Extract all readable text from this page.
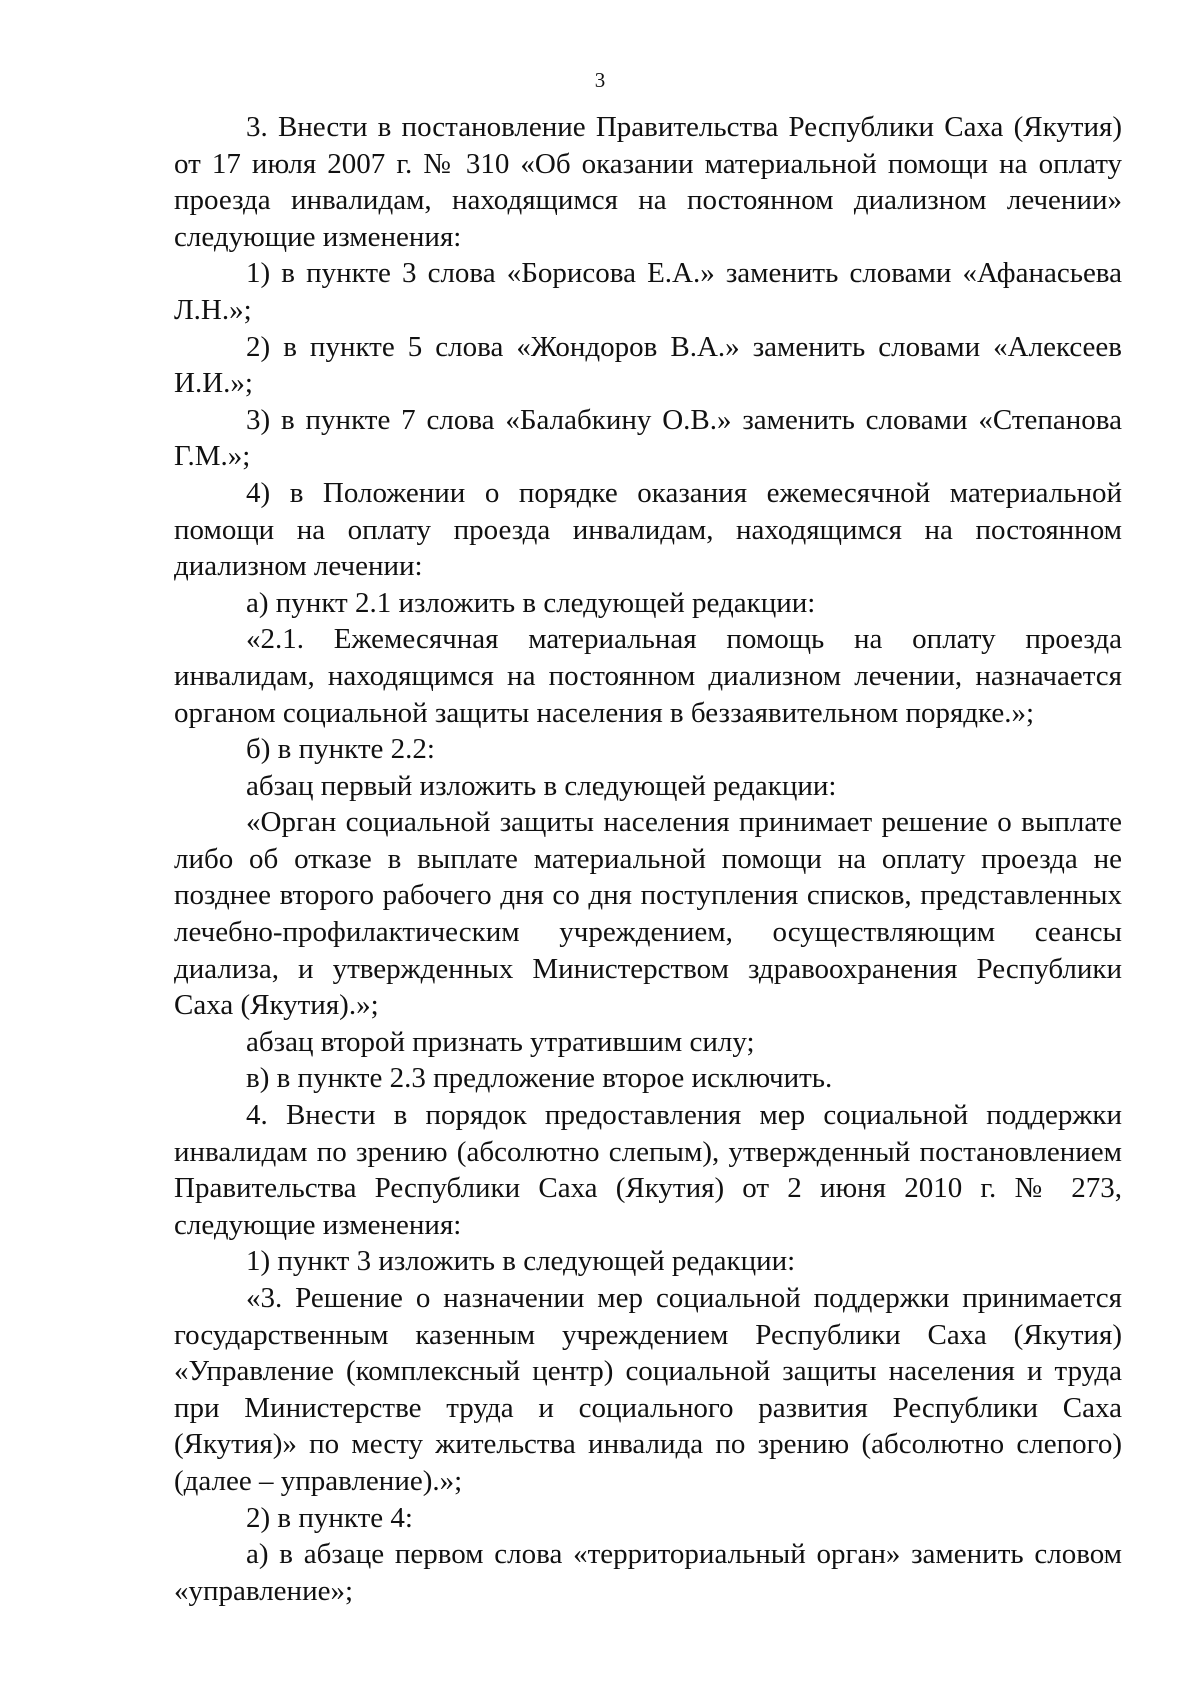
3

3. Внести в постановление Правительства Республики Саха (Якутия) от 17 июля 2007 г. № 310 «Об оказании материальной помощи на оплату проезда инвалидам, находящимся на постоянном диализном лечении» следующие изменения:

1) в пункте 3 слова «Борисова Е.А.» заменить словами «Афанасьева Л.Н.»;

2) в пункте 5 слова «Жондоров В.А.» заменить словами «Алексеев И.И.»;

3) в пункте 7 слова «Балабкину О.В.» заменить словами «Степанова Г.М.»;

4) в Положении о порядке оказания ежемесячной материальной помощи на оплату проезда инвалидам, находящимся на постоянном диализном лечении:

а) пункт 2.1 изложить в следующей редакции:

«2.1. Ежемесячная материальная помощь на оплату проезда инвалидам, находящимся на постоянном диализном лечении, назначается органом социальной защиты населения в беззаявительном порядке.»;

б) в пункте 2.2:

абзац первый изложить в следующей редакции:

«Орган социальной защиты населения принимает решение о выплате либо об отказе в выплате материальной помощи на оплату проезда не позднее второго рабочего дня со дня поступления списков, представленных лечебно-профилактическим учреждением, осуществляющим сеансы диализа, и утвержденных Министерством здравоохранения Республики Саха (Якутия).»;

абзац второй признать утратившим силу;

в) в пункте 2.3 предложение второе исключить.

4. Внести в порядок предоставления мер социальной поддержки инвалидам по зрению (абсолютно слепым), утвержденный постановлением Правительства Республики Саха (Якутия) от 2 июня 2010 г. № 273, следующие изменения:

1) пункт 3 изложить в следующей редакции:

«3. Решение о назначении мер социальной поддержки принимается государственным казенным учреждением Республики Саха (Якутия) «Управление (комплексный центр) социальной защиты населения и труда при Министерстве труда и социального развития Республики Саха (Якутия)» по месту жительства инвалида по зрению (абсолютно слепого) (далее – управление).»;

2) в пункте 4:

а) в абзаце первом слова «территориальный орган» заменить словом «управление»;
